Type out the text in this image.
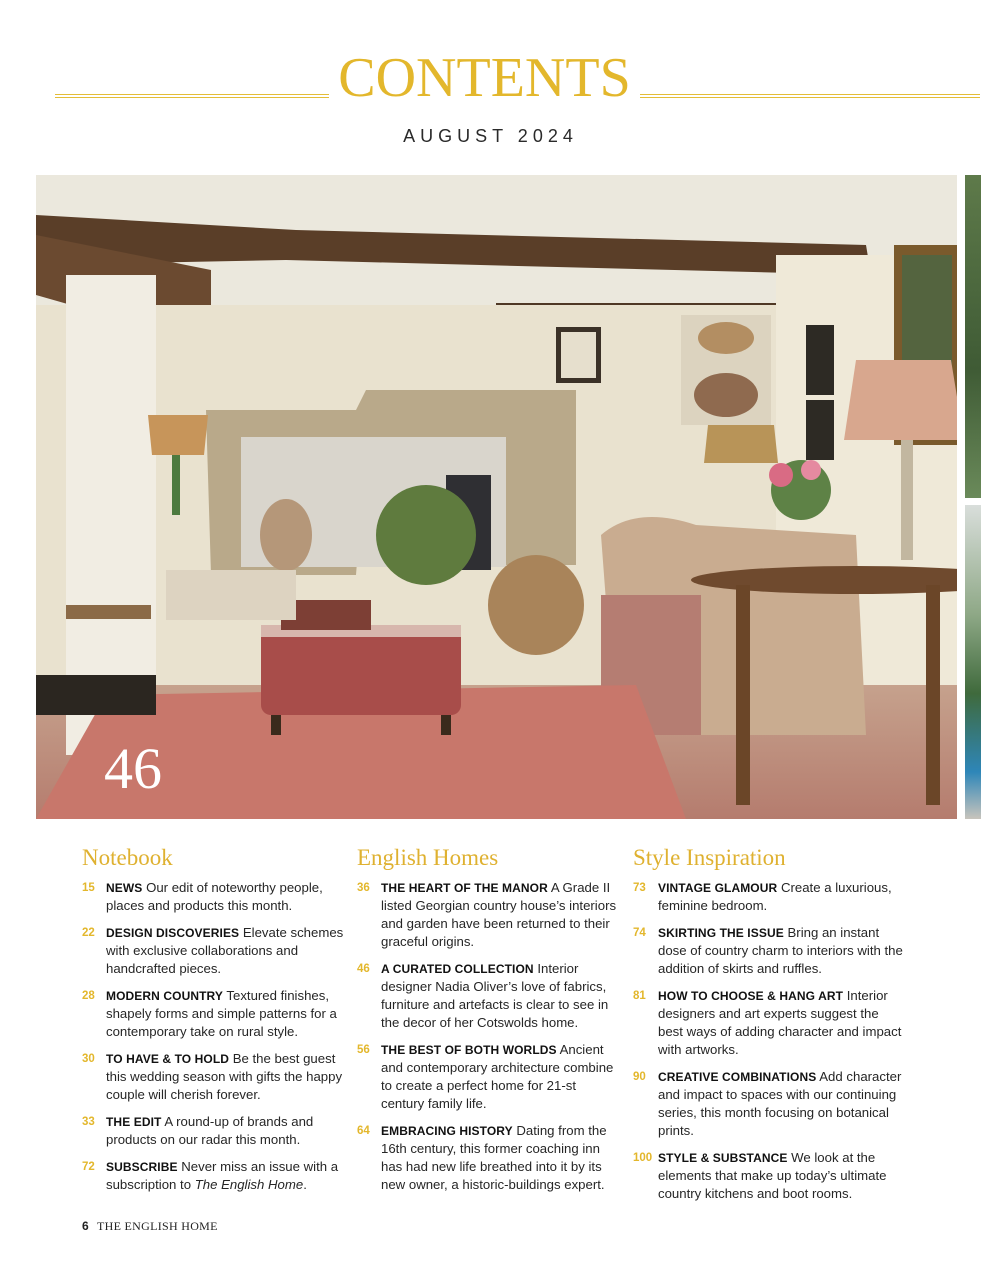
CONTENTS
AUGUST 2024
46
Notebook
15 NEWS Our edit of noteworthy people, places and products this month.
22 DESIGN DISCOVERIES Elevate schemes with exclusive collaborations and handcrafted pieces.
28 MODERN COUNTRY Textured finishes, shapely forms and simple patterns for a contemporary take on rural style.
30 TO HAVE & TO HOLD Be the best guest this wedding season with gifts the happy couple will cherish forever.
33 THE EDIT A round-up of brands and products on our radar this month.
72 SUBSCRIBE Never miss an issue with a subscription to The English Home.
English Homes
36 THE HEART OF THE MANOR A Grade II listed Georgian country house’s interiors and garden have been returned to their graceful origins.
46 A CURATED COLLECTION Interior designer Nadia Oliver’s love of fabrics, furniture and artefacts is clear to see in the decor of her Cotswolds home.
56 THE BEST OF BOTH WORLDS Ancient and contemporary architecture combine to create a perfect home for 21-st century family life.
64 EMBRACING HISTORY Dating from the 16th century, this former coaching inn has had new life breathed into it by its new owner, a historic-buildings expert.
Style Inspiration
73	VINTAGE GLAMOUR Create a luxurious, feminine bedroom.
74	SKIRTING THE ISSUE Bring an instant dose of country charm to interiors with the addition of skirts and ruffles.
81	HOW TO CHOOSE & HANG ART Interior designers and art experts suggest the best ways of adding character and impact with artworks.
90	CREATIVE COMBINATIONS Add character and impact to spaces with our continuing series, this month focusing on botanical prints.
100 STYLE & SUBSTANCE We look at the elements that make up today’s ultimate country kitchens and boot rooms.
6 THE ENGLISH HOME
